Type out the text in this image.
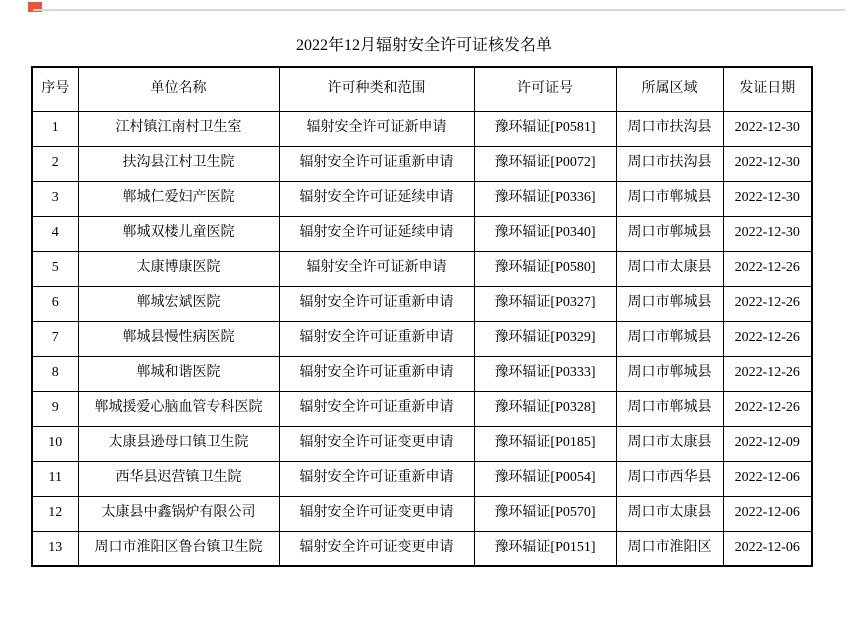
2022年12月辐射安全许可证核发名单
序号	单位名称	许可种类和范围	许可证号	所属区域	发证日期
1	江村镇江南村卫生室	辐射安全许可证新申请	豫环辐证[P0581]	周口市扶沟县	2022-12-30
2	扶沟县江村卫生院	辐射安全许可证重新申请	豫环辐证[P0072]	周口市扶沟县	2022-12-30
3	郸城仁爱妇产医院	辐射安全许可证延续申请	豫环辐证[P0336]	周口市郸城县	2022-12-30
4	郸城双楼儿童医院	辐射安全许可证延续申请	豫环辐证[P0340]	周口市郸城县	2022-12-30
5	太康博康医院	辐射安全许可证新申请	豫环辐证[P0580]	周口市太康县	2022-12-26
6	郸城宏斌医院	辐射安全许可证重新申请	豫环辐证[P0327]	周口市郸城县	2022-12-26
7	郸城县慢性病医院	辐射安全许可证重新申请	豫环辐证[P0329]	周口市郸城县	2022-12-26
8	郸城和谐医院	辐射安全许可证重新申请	豫环辐证[P0333]	周口市郸城县	2022-12-26
9	郸城援爱心脑血管专科医院	辐射安全许可证重新申请	豫环辐证[P0328]	周口市郸城县	2022-12-26
10	太康县逊母口镇卫生院	辐射安全许可证变更申请	豫环辐证[P0185]	周口市太康县	2022-12-09
11	西华县迟营镇卫生院	辐射安全许可证重新申请	豫环辐证[P0054]	周口市西华县	2022-12-06
12	太康县中鑫锅炉有限公司	辐射安全许可证变更申请	豫环辐证[P0570]	周口市太康县	2022-12-06
13	周口市淮阳区鲁台镇卫生院	辐射安全许可证变更申请	豫环辐证[P0151]	周口市淮阳区	2022-12-06
